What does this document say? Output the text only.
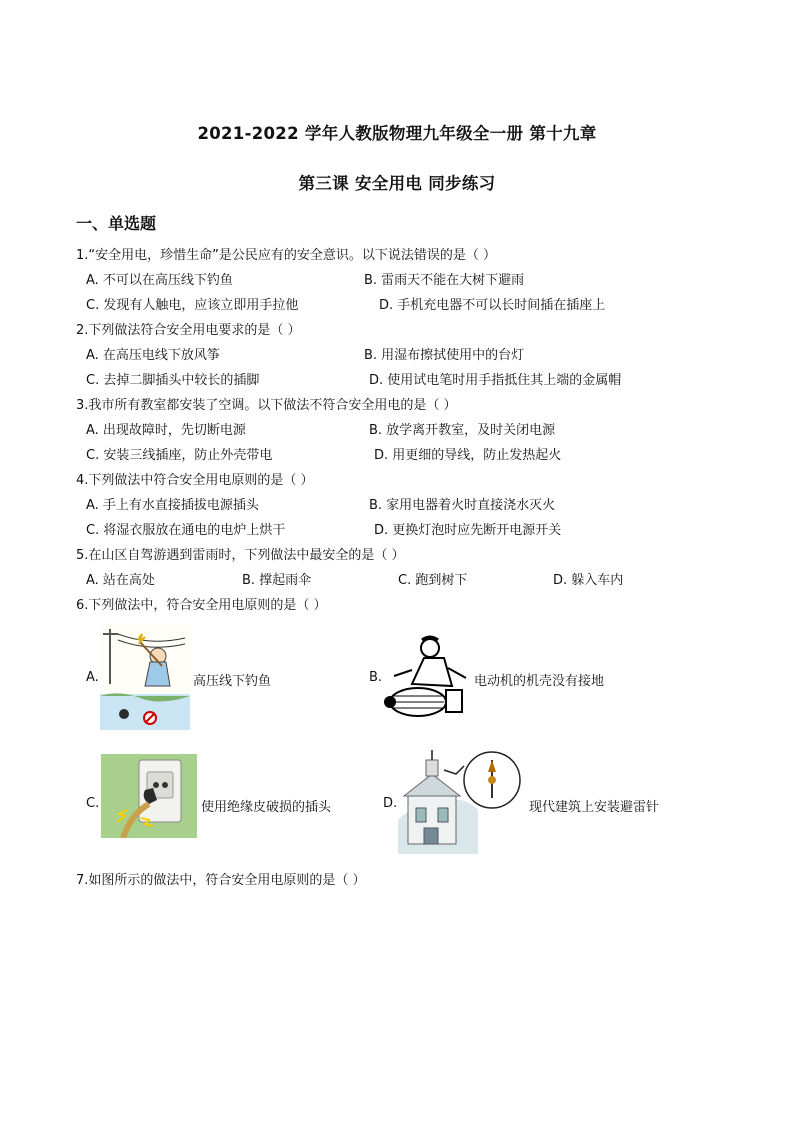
2021-2022 学年人教版物理九年级全一册 第十九章
第三课 安全用电 同步练习
一、单选题
1.“安全用电，珍惜生命”是公民应有的安全意识。以下说法错误的是（ ）
A. 不可以在高压线下钓鱼	B. 雷雨天不能在大树下避雨
C. 发现有人触电，应该立即用手拉他	D. 手机充电器不可以长时间插在插座上
2.下列做法符合安全用电要求的是（ ）
A. 在高压电线下放风筝	B. 用湿布擦拭使用中的台灯
C. 去掉二脚插头中较长的插脚	D. 使用试电笔时用手指抵住其上端的金属帽
3.我市所有教室都安装了空调。以下做法不符合安全用电的是（ ）
A. 出现故障时，先切断电源	B. 放学离开教室，及时关闭电源
C. 安装三线插座，防止外壳带电	D. 用更细的导线，防止发热起火
4.下列做法中符合安全用电原则的是（ ）
A. 手上有水直接插拔电源插头	B. 家用电器着火时直接浇水灭火
C. 将湿衣服放在通电的电炉上烘干	D. 更换灯泡时应先断开电源开关
5.在山区自驾游遇到雷雨时，下列做法中最安全的是（ ）
A. 站在高处	B. 撑起雨伞	C. 跑到树下	D. 躲入车内
6.下列做法中，符合安全用电原则的是（ ）
A.	高压线下钓鱼	B.	电动机的机壳没有接地
C.	使用绝缘皮破损的插头	D.	现代建筑上安装避雷针
7.如图所示的做法中，符合安全用电原则的是（ ）
